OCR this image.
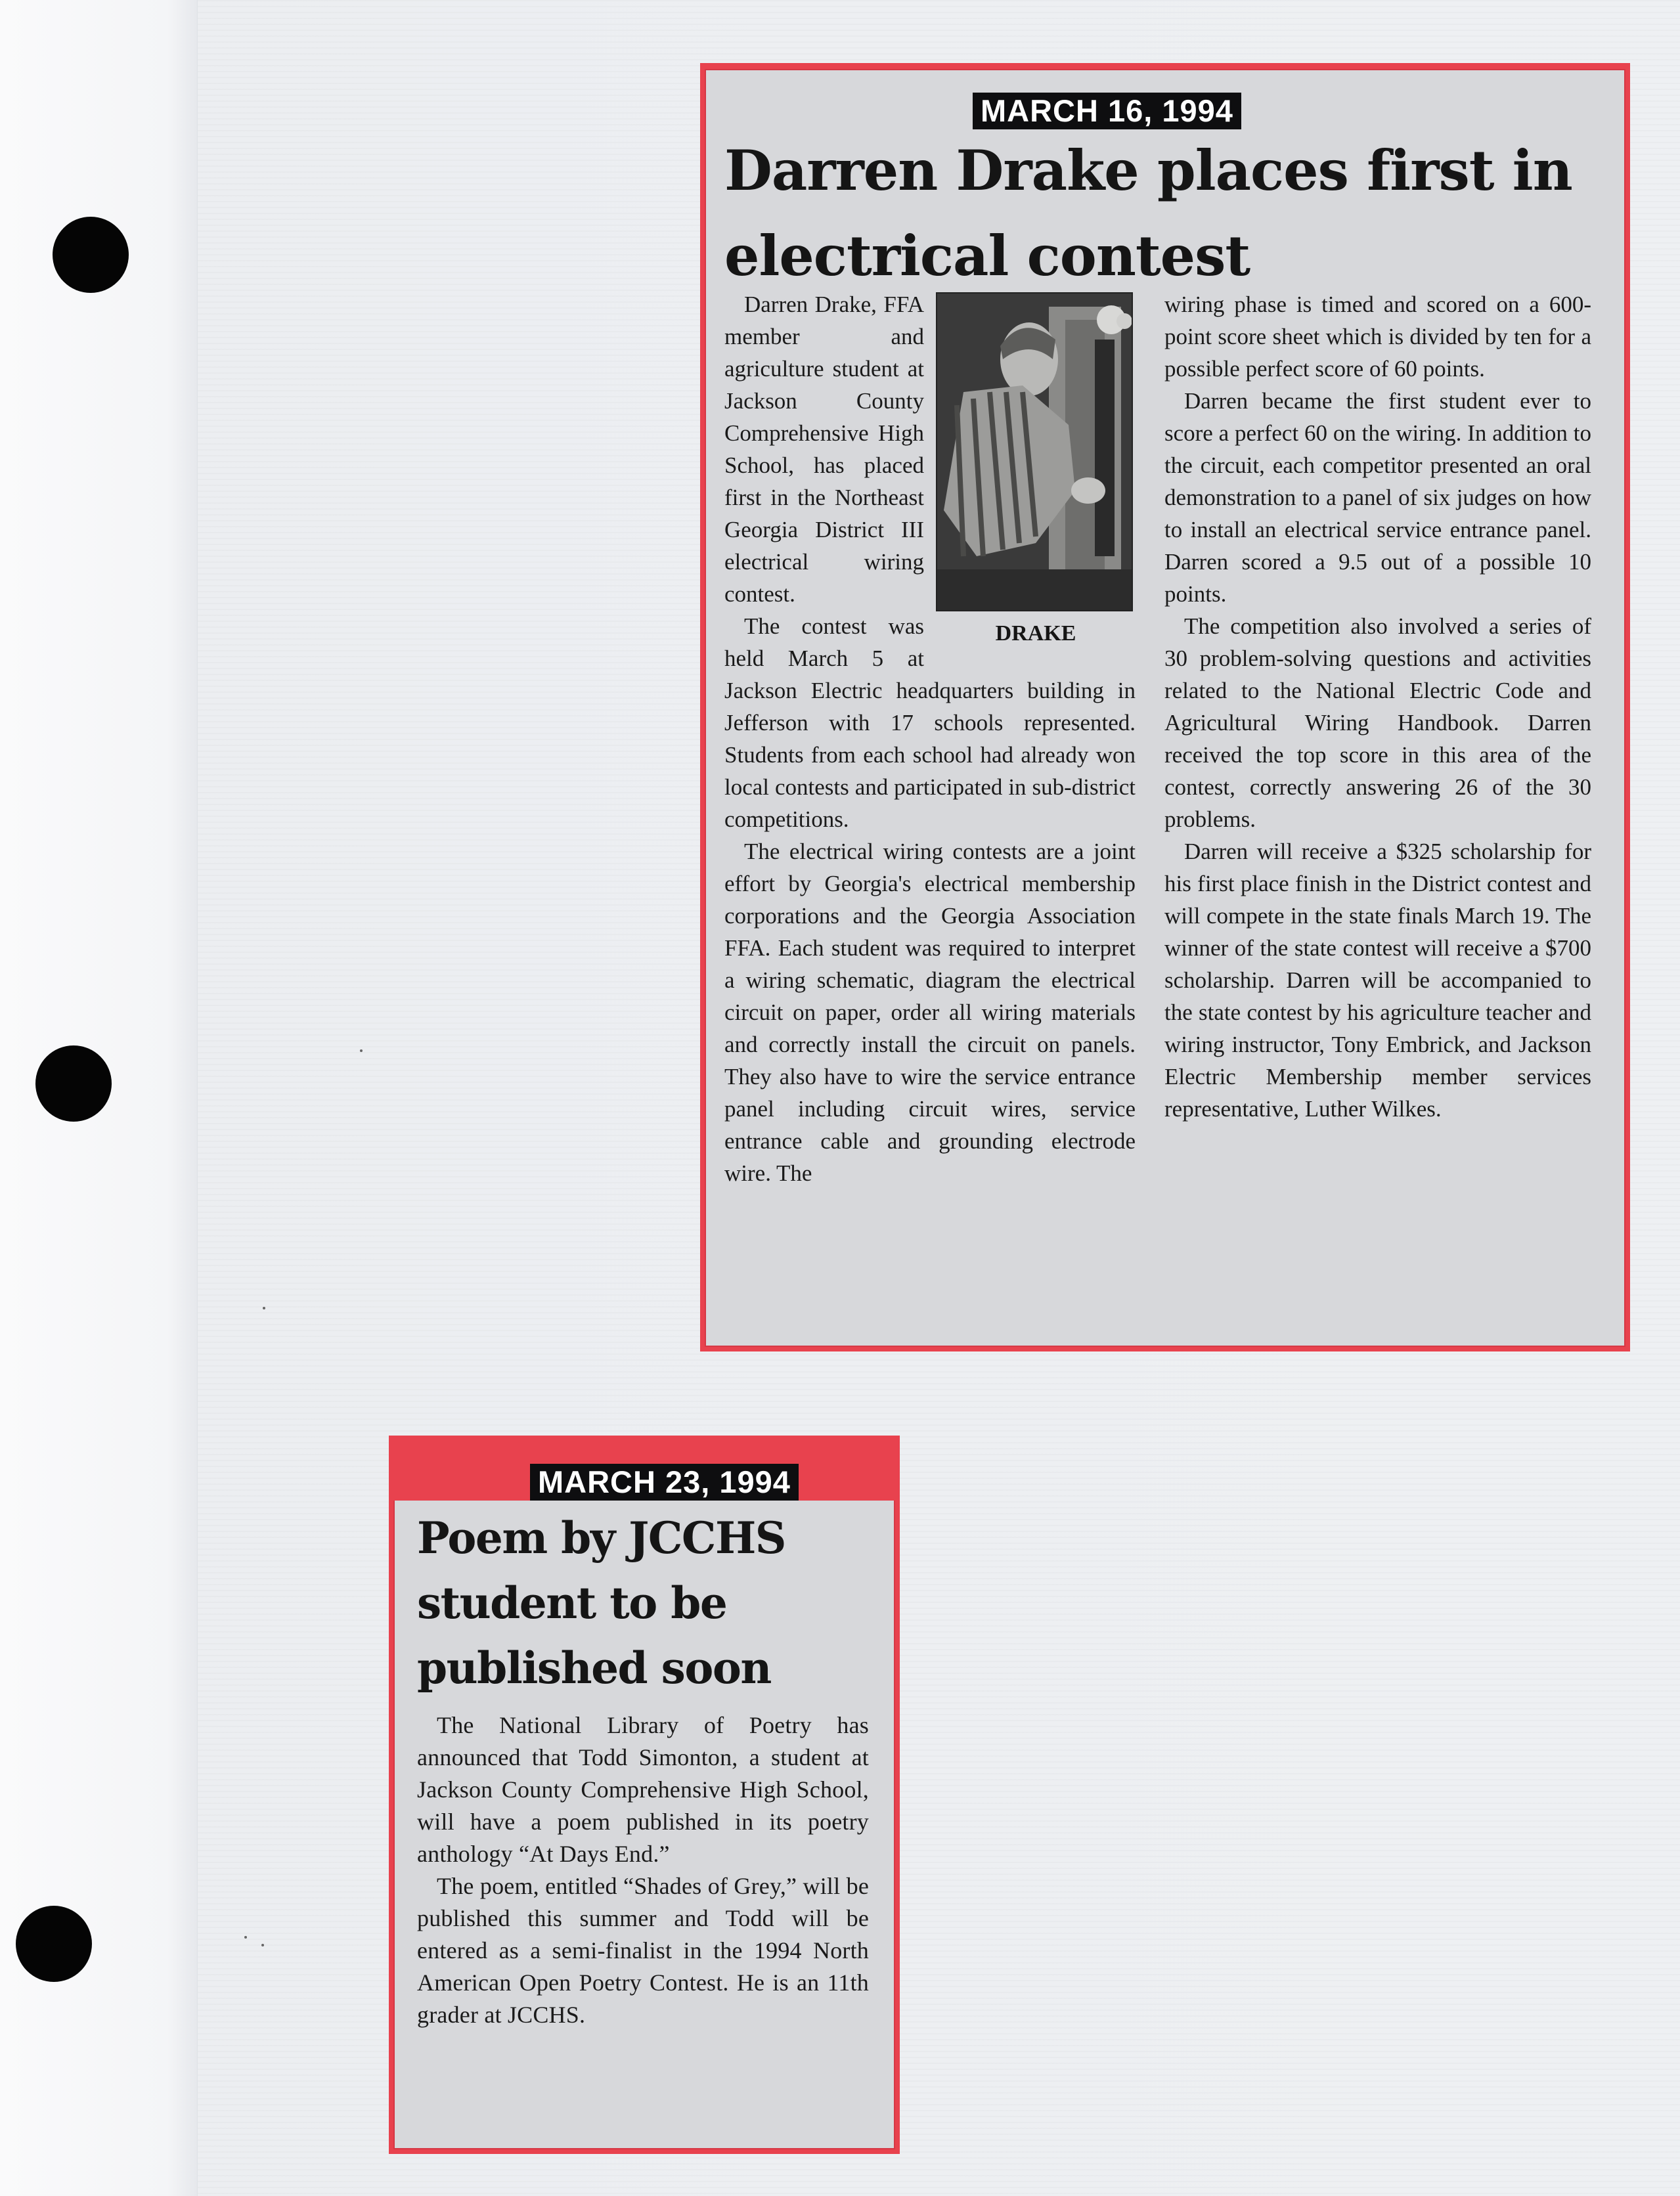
MARCH 16, 1994
Darren Drake places first in electrical contest
DRAKE

Darren Drake, FFA member and agriculture student at Jackson County Comprehensive High School, has placed first in the Northeast Georgia District III electrical wiring contest.

The contest was held March 5 at Jackson Electric headquarters building in Jefferson with 17 schools represented. Students from each school had already won local contests and participated in sub-district competitions.

The electrical wiring contests are a joint effort by Georgia's electrical membership corporations and the Georgia Association FFA. Each student was required to interpret a wiring schematic, diagram the electrical circuit on paper, order all wiring materials and correctly install the circuit on panels. They also have to wire the service entrance panel including circuit wires, service entrance cable and grounding electrode wire. The

wiring phase is timed and scored on a 600-point score sheet which is divided by ten for a possible perfect score of 60 points.

Darren became the first student ever to score a perfect 60 on the wiring. In addition to the circuit, each competitor presented an oral demonstration to a panel of six judges on how to install an electrical service entrance panel. Darren scored a 9.5 out of a possible 10 points.

The competition also involved a series of 30 problem-solving questions and activities related to the National Electric Code and Agricultural Wiring Handbook. Darren received the top score in this area of the contest, correctly answering 26 of the 30 problems.

Darren will receive a $325 scholarship for his first place finish in the District contest and will compete in the state finals March 19. The winner of the state contest will receive a $700 scholarship. Darren will be accompanied to the state contest by his agriculture teacher and wiring instructor, Tony Embrick, and Jackson Electric Membership member services representative, Luther Wilkes.

MARCH 23, 1994
Poem by JCCHS student to be published soon

The National Library of Poetry has announced that Todd Simonton, a student at Jackson County Comprehensive High School, will have a poem published in its poetry anthology “At Days End.”

The poem, entitled “Shades of Grey,” will be published this summer and Todd will be entered as a semi-finalist in the 1994 North American Open Poetry Contest. He is an 11th grader at JCCHS.
